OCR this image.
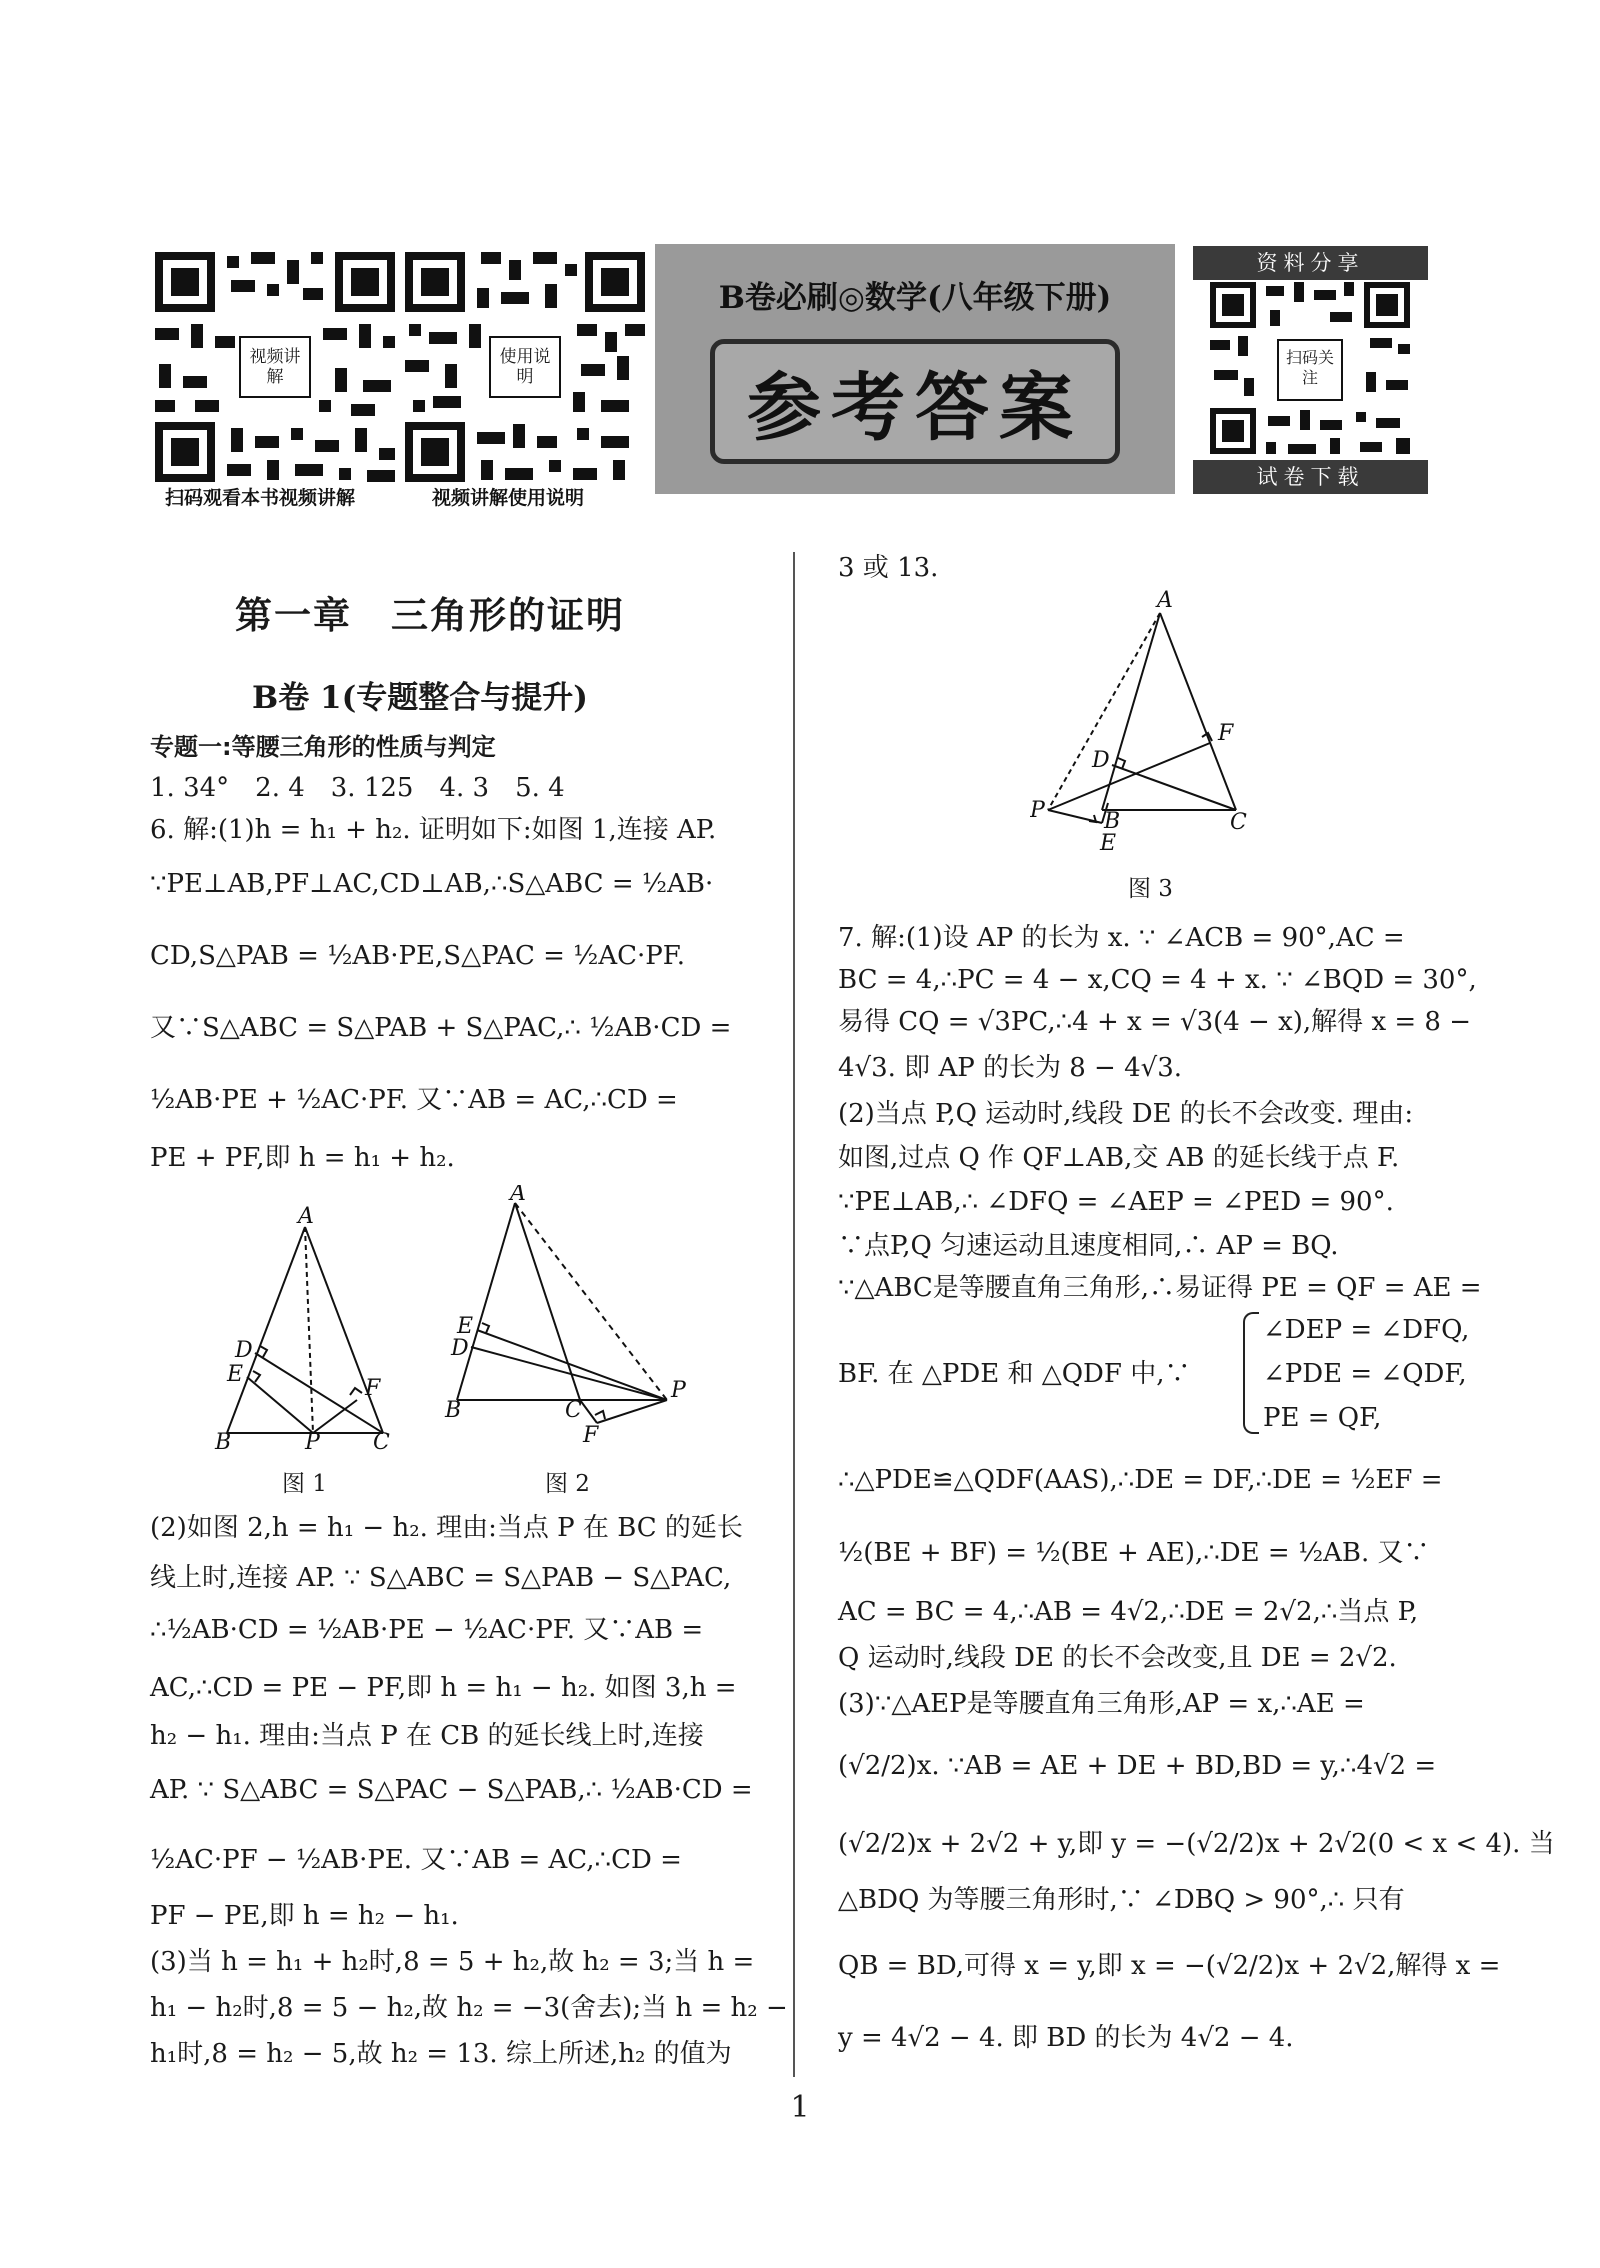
视频讲解
扫码观看本书视频讲解
使用说明
视频讲解使用说明
B卷必刷◎数学(八年级下册)
参考答案
资料分享
扫码关注
试卷下载
第一章　三角形的证明
B卷 1(专题整合与提升)
专题一:等腰三角形的性质与判定
1. 34°　2. 4　3. 125　4. 3　5. 4
6. 解:(1)h = h₁ + h₂. 证明如下:如图 1,连接 AP.
∵PE⊥AB,PF⊥AC,CD⊥AB,∴S△ABC = ½AB·
CD,S△PAB = ½AB·PE,S△PAC = ½AC·PF.
又∵S△ABC = S△PAB + S△PAC,∴ ½AB·CD =
½AB·PE + ½AC·PF. 又∵AB = AC,∴CD =
PE + PF,即 h = h₁ + h₂.
(2)如图 2,h = h₁ − h₂. 理由:当点 P 在 BC 的延长
线上时,连接 AP. ∵ S△ABC = S△PAB − S△PAC,
∴½AB·CD = ½AB·PE − ½AC·PF. 又∵AB =
AC,∴CD = PE − PF,即 h = h₁ − h₂. 如图 3,h =
h₂ − h₁. 理由:当点 P 在 CB 的延长线上时,连接
AP. ∵ S△ABC = S△PAC − S△PAB,∴ ½AB·CD =
½AC·PF − ½AB·PE. 又∵AB = AC,∴CD =
PF − PE,即 h = h₂ − h₁.
(3)当 h = h₁ + h₂时,8 = 5 + h₂,故 h₂ = 3;当 h =
h₁ − h₂时,8 = 5 − h₂,故 h₂ = −3(舍去);当 h = h₂ −
h₁时,8 = h₂ − 5,故 h₂ = 13. 综上所述,h₂ 的值为
A
D
E
F
B	P C
图 1
A
E
D
B	C
P
F
图 2
3 或 13.
A
D
F
P	B
E
C
图 3
7. 解:(1)设 AP 的长为 x. ∵ ∠ACB = 90°,AC =
BC = 4,∴PC = 4 − x,CQ = 4 + x. ∵ ∠BQD = 30°,
易得 CQ = √3PC,∴4 + x = √3(4 − x),解得 x = 8 −
4√3. 即 AP 的长为 8 − 4√3.
(2)当点 P,Q 运动时,线段 DE 的长不会改变. 理由:
如图,过点 Q 作 QF⊥AB,交 AB 的延长线于点 F.
∵PE⊥AB,∴ ∠DFQ = ∠AEP = ∠PED = 90°.
∵点P,Q 匀速运动且速度相同,∴ AP = BQ.
∵△ABC是等腰直角三角形,∴易证得 PE = QF = AE =
∠DEP = ∠DFQ,
BF. 在 △PDE 和 △QDF 中,∵	∠PDE = ∠QDF,
PE = QF,
∴△PDE≌△QDF(AAS),∴DE = DF,∴DE = ½EF =
½(BE + BF) = ½(BE + AE),∴DE = ½AB. 又∵
AC = BC = 4,∴AB = 4√2,∴DE = 2√2,∴当点 P,
Q 运动时,线段 DE 的长不会改变,且 DE = 2√2.
(3)∵△AEP是等腰直角三角形,AP = x,∴AE =
(√2/2)x. ∵AB = AE + DE + BD,BD = y,∴4√2 =
(√2/2)x + 2√2 + y,即 y = −(√2/2)x + 2√2(0 < x < 4). 当
△BDQ 为等腰三角形时,∵ ∠DBQ > 90°,∴ 只有
QB = BD,可得 x = y,即 x = −(√2/2)x + 2√2,解得 x =
y = 4√2 − 4. 即 BD 的长为 4√2 − 4.
1
